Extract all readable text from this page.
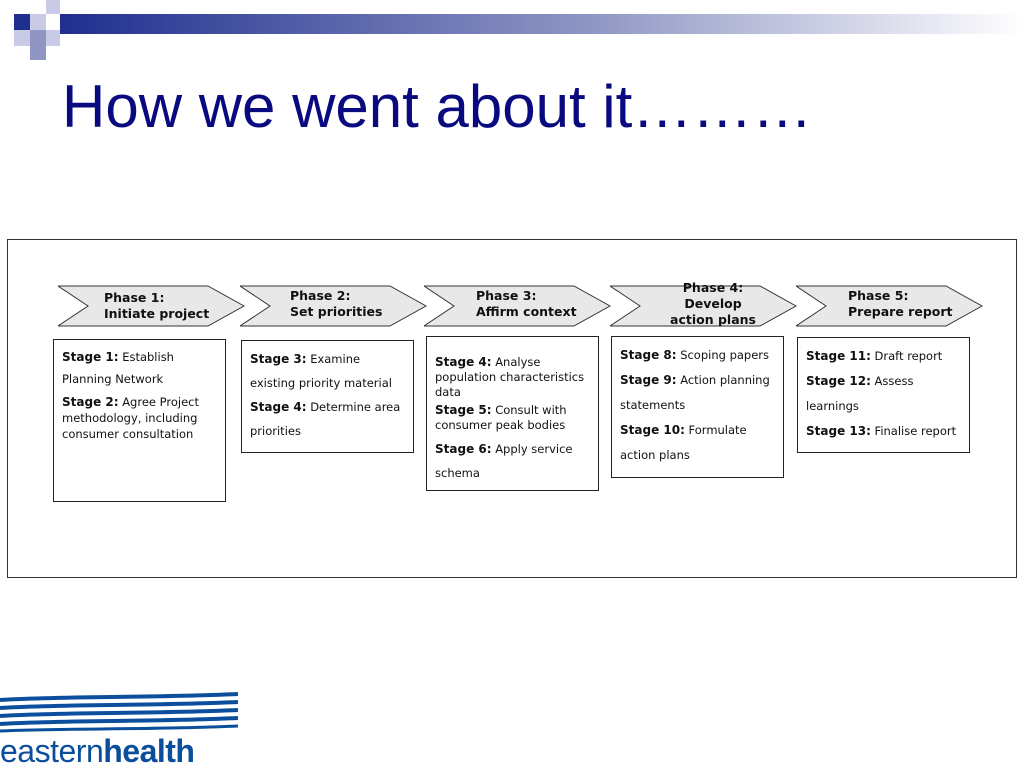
How we went about it………
Phase 1:
Initiate project
Phase 2:
Set priorities
Phase 3:
Affirm context
Phase 4: Develop
action plans
Phase 5:
Prepare report

Stage 1: Establish Planning Network

Stage 2: Agree Project methodology, including consumer consultation

Stage 3: Examine existing priority material

Stage 4: Determine area priorities

Stage 4: Analyse population characteristics data

Stage 5: Consult with consumer peak bodies

Stage 6: Apply service schema

Stage 8: Scoping papers

Stage 9: Action planning statements

Stage 10: Formulate action plans

Stage 11: Draft report

Stage 12: Assess learnings

Stage 13: Finalise report

easternhealth
